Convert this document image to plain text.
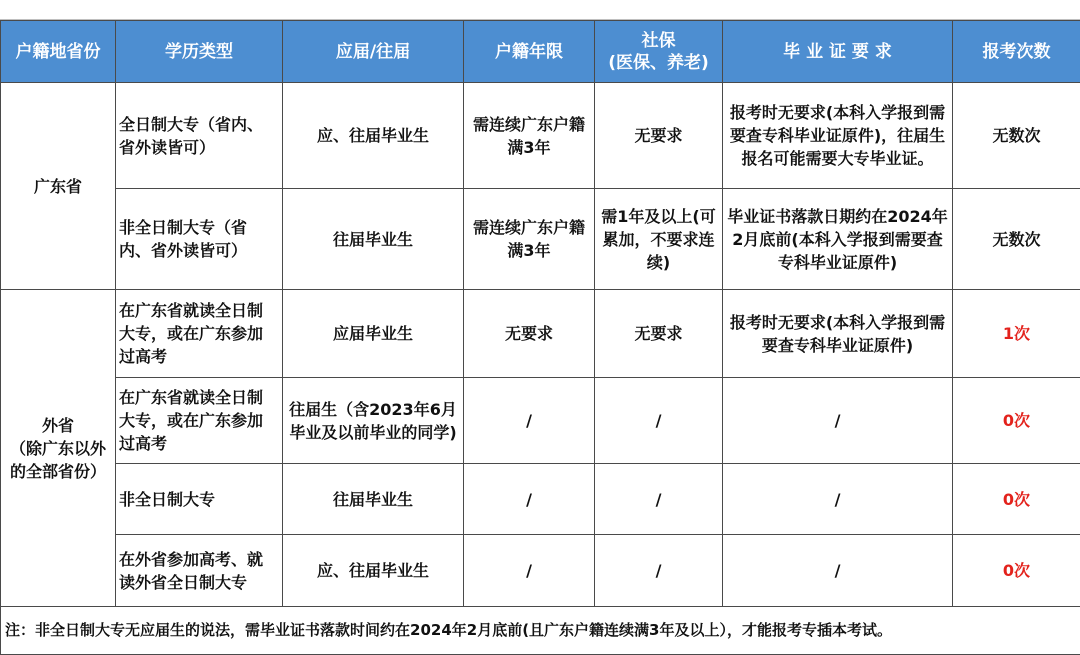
户籍地省份	学历类型	应届/往届	户籍年限	社保
(医保、养老)	毕 业 证 要 求	报考次数
广东省	全日制大专（省内、省外读皆可）	应、往届毕业生	需连续广东户籍满3年	无要求	报考时无要求(本科入学报到需要查专科毕业证原件)，往届生报名可能需要大专毕业证。	无数次
	非全日制大专（省内、省外读皆可）	往届毕业生	需连续广东户籍满3年	需1年及以上(可累加，不要求连续)	毕业证书落款日期约在2024年2月底前(本科入学报到需要查专科毕业证原件)	无数次

外省
（除广东以外的全部省份）	在广东省就读全日制大专，或在广东参加过高考	应届毕业生	无要求	无要求	报考时无要求(本科入学报到需要查专科毕业证原件)	1次
	在广东省就读全日制大专，或在广东参加过高考	往届生（含2023年6月毕业及以前毕业的同学)	/	/	/	0次
	非全日制大专	往届毕业生	/	/	/	0次
	在外省参加高考、就读外省全日制大专	应、往届毕业生	/	/	/	0次
注：非全日制大专无应届生的说法，需毕业证书落款时间约在2024年2月底前(且广东户籍连续满3年及以上），才能报考专插本考试。						
